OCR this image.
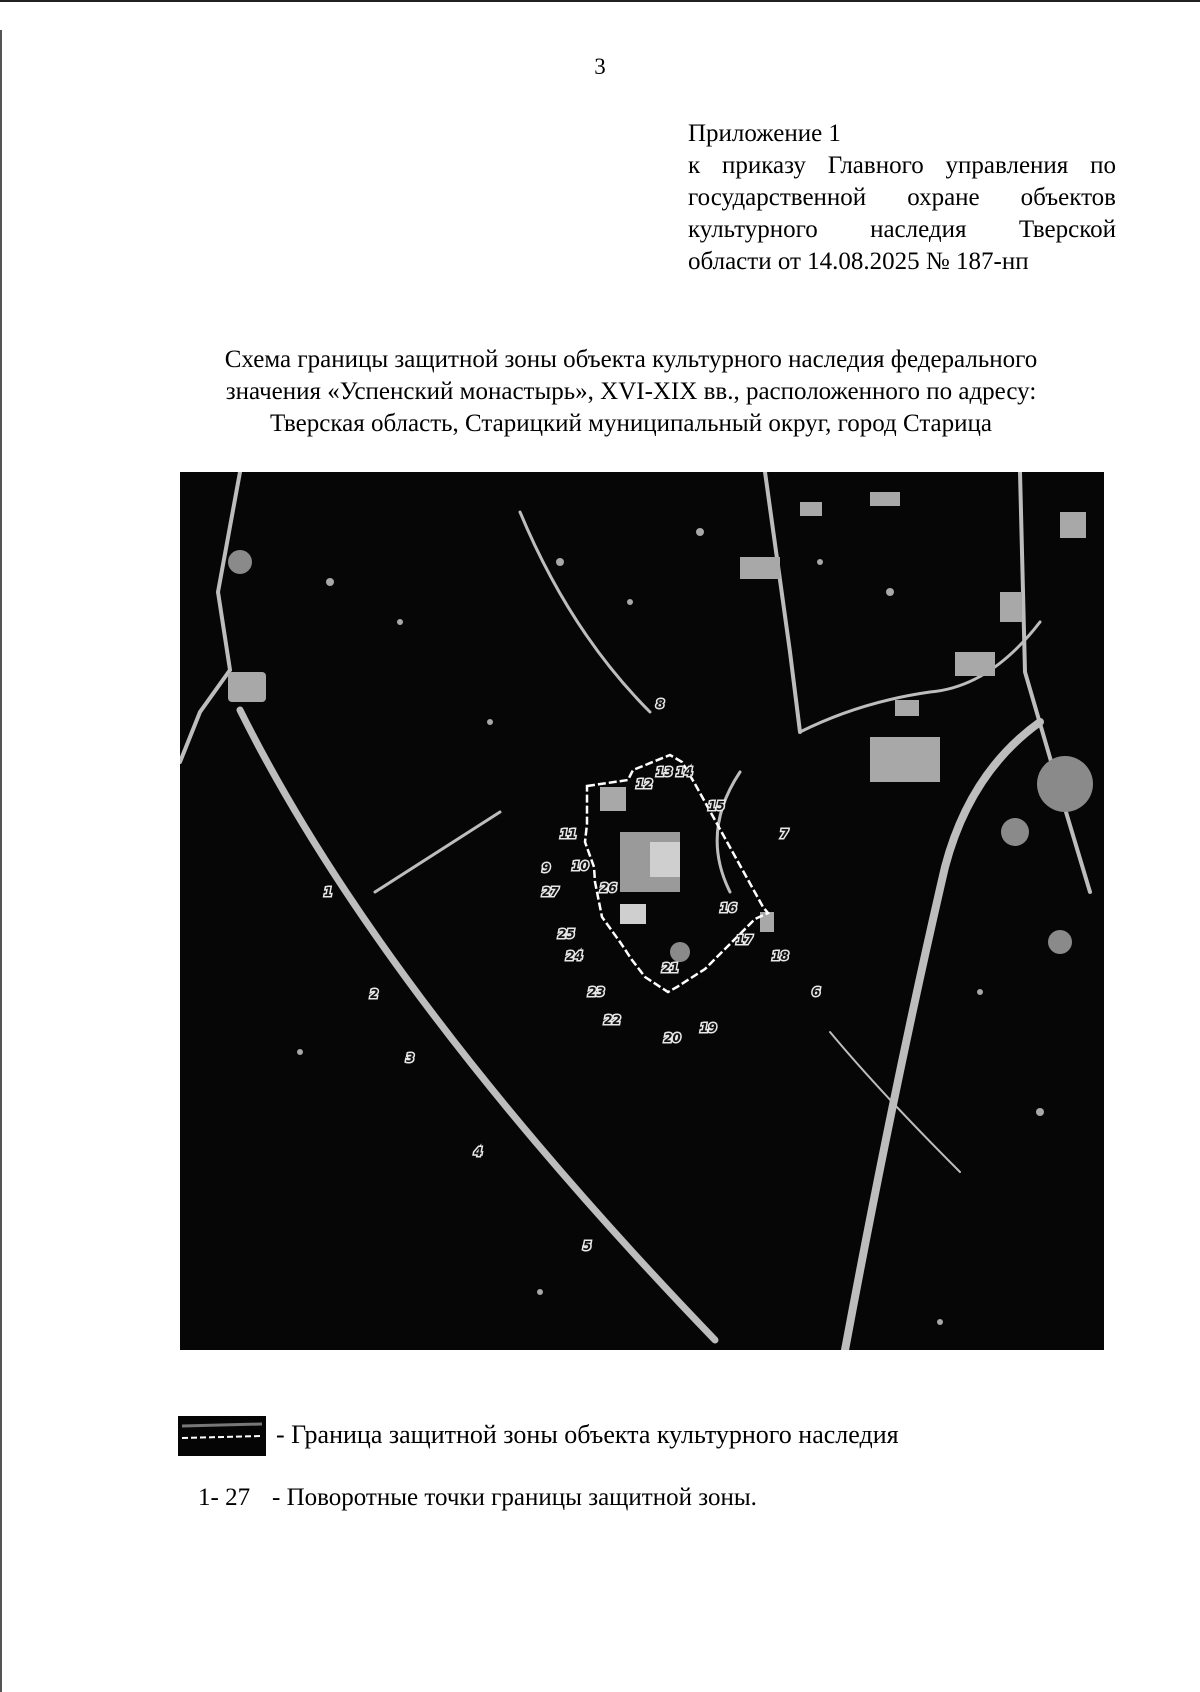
3
Приложение 1
к приказу Главного управления по
государственной охране объектов
культурного наследия Тверской
области от 14.08.2025 № 187-нп
Схема границы защитной зоны объекта культурного наследия федерального
значения «Успенский монастырь», XVI-XIX вв., расположенного по адресу:
Тверская область, Старицкий муниципальный округ, город Старица
1
2
3
4
5
6
7
8
9 10
11
12
13 14
15
16
17
18
19
20
21
22
23
24
25
26
27
- Граница защитной зоны объекта культурного наследия
1- 27 - Поворотные точки границы защитной зоны.
